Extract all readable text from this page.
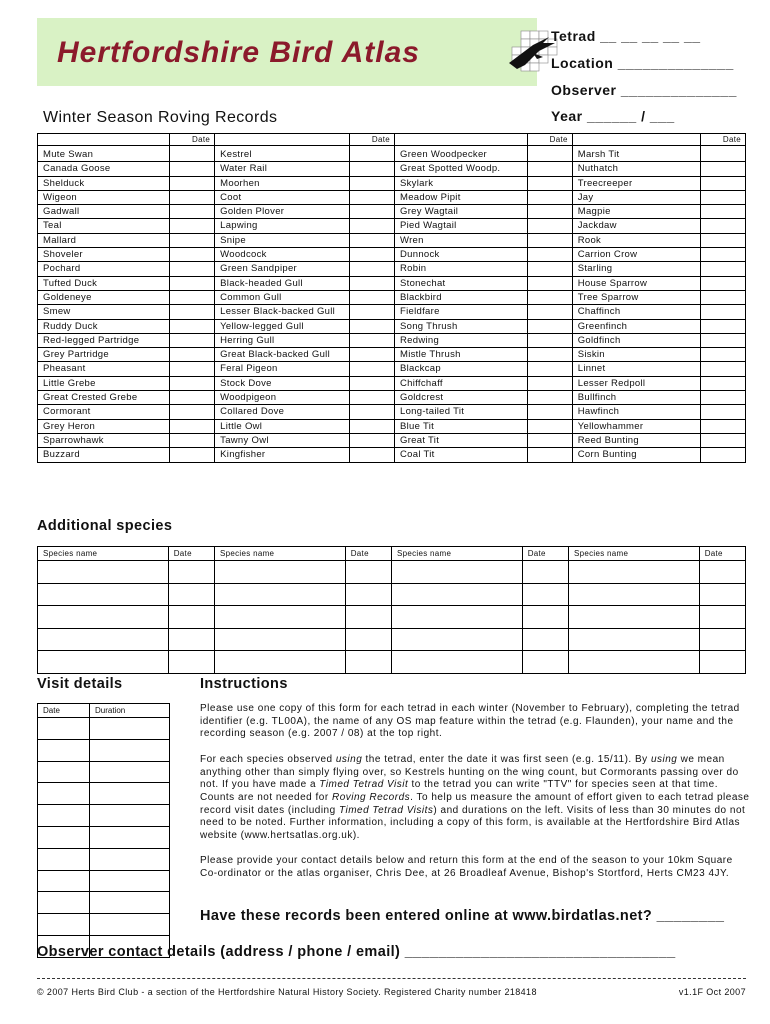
Hertfordshire Bird Atlas	Tetrad __ __ __ __ __
Location ______________
Observer ______________
Year ______ / ___
Winter Season Roving Records
	Date		Date		Date		Date
Mute Swan		Kestrel		Green Woodpecker		Marsh Tit	
Canada Goose		Water Rail		Great Spotted Woodp.		Nuthatch	
Shelduck		Moorhen		Skylark		Treecreeper	
Wigeon		Coot		Meadow Pipit		Jay	
Gadwall		Golden Plover		Grey Wagtail		Magpie	
Teal		Lapwing		Pied Wagtail		Jackdaw	
Mallard		Snipe		Wren		Rook	
Shoveler		Woodcock		Dunnock		Carrion Crow	
Pochard		Green Sandpiper		Robin		Starling	
Tufted Duck		Black-headed Gull		Stonechat		House Sparrow	
Goldeneye		Common Gull		Blackbird		Tree Sparrow	
Smew		Lesser Black-backed Gull		Fieldfare		Chaffinch	
Ruddy Duck		Yellow-legged Gull		Song Thrush		Greenfinch	
Red-legged Partridge		Herring Gull		Redwing		Goldfinch	
Grey Partridge		Great Black-backed Gull		Mistle Thrush		Siskin	
Pheasant		Feral Pigeon		Blackcap		Linnet	
Little Grebe		Stock Dove		Chiffchaff		Lesser Redpoll	
Great Crested Grebe		Woodpigeon		Goldcrest		Bullfinch	
Cormorant		Collared Dove		Long-tailed Tit		Hawfinch	
Grey Heron		Little Owl		Blue Tit		Yellowhammer	
Sparrowhawk		Tawny Owl		Great Tit		Reed Bunting	
Buzzard		Kingfisher		Coal Tit		Corn Bunting	
Additional species
Species name	Date	Species name	Date	Species name	Date	Species name	Date

Visit details
Date	Duration

Instructions

Please use one copy of this form for each tetrad in each winter (November to February), completing the tetrad identifier (e.g. TL00A), the name of any OS map feature within the tetrad (e.g. Flaunden), your name and the recording season (e.g. 2007 / 08) at the top right.

For each species observed using the tetrad, enter the date it was first seen (e.g. 15/11). By using we mean anything other than simply flying over, so Kestrels hunting on the wing count, but Cormorants passing over do not. If you have made a Timed Tetrad Visit to the tetrad you can write "TTV" for species seen at that time. Counts are not needed for Roving Records. To help us measure the amount of effort given to each tetrad please record visit dates (including Timed Tetrad Visits) and durations on the left. Visits of less than 30 minutes do not need to be noted. Further information, including a copy of this form, is available at the Hertfordshire Bird Atlas website (www.hertsatlas.org.uk).

Please provide your contact details below and return this form at the end of the season to your 10km Square Co-ordinator or the atlas organiser, Chris Dee, at 26 Broadleaf Avenue, Bishop's Stortford, Herts CM23 4JY.

Have these records been entered online at www.birdatlas.net? ________
Observer contact details (address / phone / email) ________________________________
© 2007 Herts Bird Club - a section of the Hertfordshire Natural History Society. Registered Charity number 218418	v1.1F Oct 2007
